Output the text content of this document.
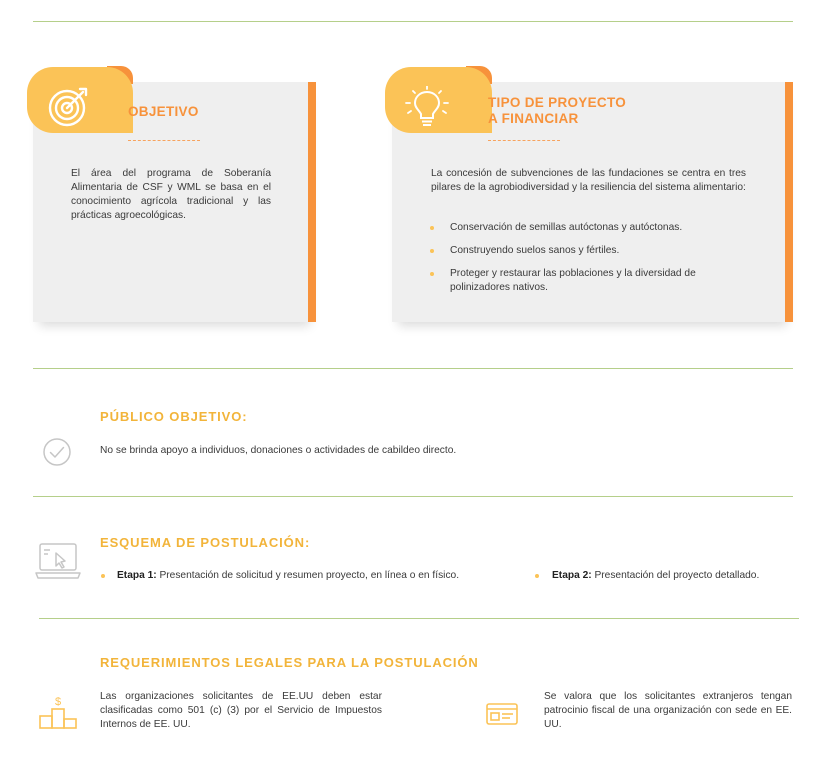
OBJETIVO
El área del programa de Soberanía Alimentaria de CSF y WML se basa en el conocimiento agrícola tradicional y las prácticas agroecológicas.
TIPO DE PROYECTO
A FINANCIAR
La concesión de subvenciones de las fundaciones se centra en tres pilares de la agrobiodiversidad y la resiliencia del sistema alimentario:
Conservación de semillas autóctonas y autóctonas.
Construyendo suelos sanos y fértiles.
Proteger y restaurar las poblaciones y la diversidad de polinizadores nativos.
PÚBLICO OBJETIVO:
No se brinda apoyo a individuos, donaciones o actividades de cabildeo directo.
ESQUEMA DE POSTULACIÓN:
Etapa 1: Presentación de solicitud y resumen proyecto, en línea o en físico.	Etapa 2: Presentación del proyecto detallado.
REQUERIMIENTOS LEGALES PARA LA POSTULACIÓN
$	Las organizaciones solicitantes de EE.UU deben estar clasificadas como 501 (c) (3) por el Servicio de Impuestos Internos de EE. UU.
Se valora que los solicitantes extranjeros tengan patrocinio fiscal de una organización con sede en EE. UU.
